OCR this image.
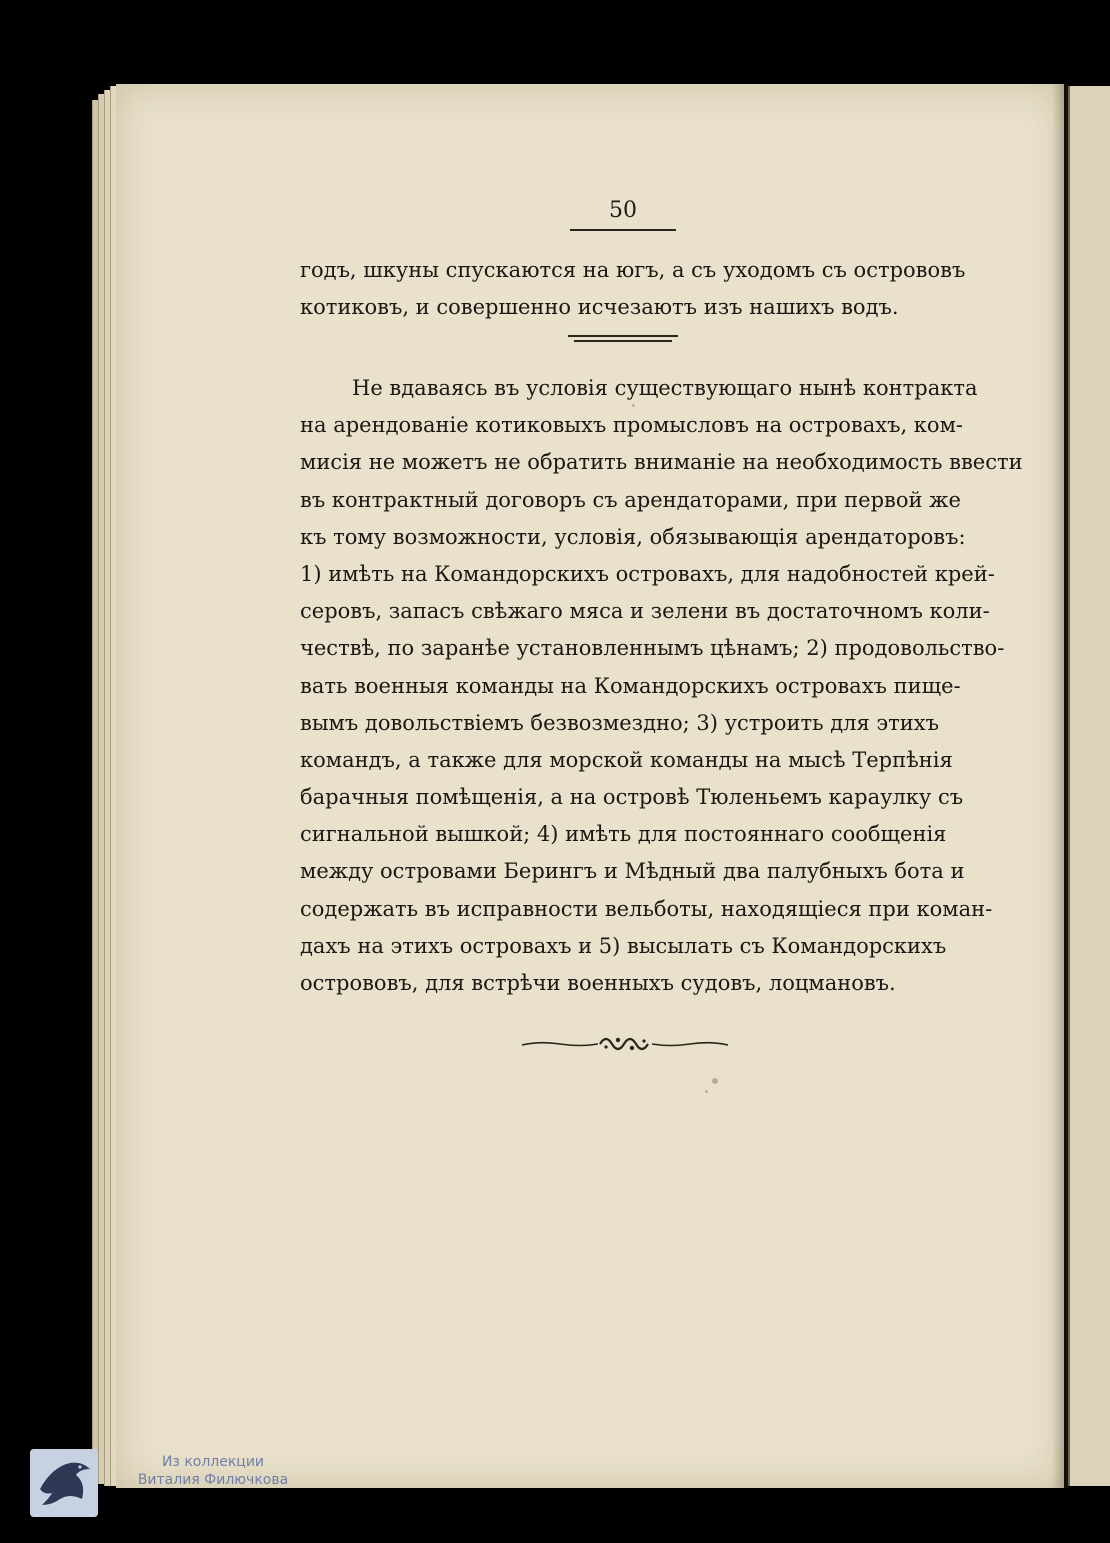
50
годъ, шкуны спускаются на югъ, а съ уходомъ съ острововъ
котиковъ, и совершенно исчезаютъ изъ нашихъ водъ.
Не вдаваясь въ условія существующаго нынѣ контракта
на арендованіе котиковыхъ промысловъ на островахъ, ком-
мисія не можетъ не обратить вниманіе на необходимость ввести
въ контрактный договоръ съ арендаторами, при первой же
къ тому возможности, условія, обязывающія арендаторовъ:
1) имѣть на Командорскихъ островахъ, для надобностей крей-
серовъ, запасъ свѣжаго мяса и зелени въ достаточномъ коли-
чествѣ, по заранѣе установленнымъ цѣнамъ; 2) продовольство-
вать военныя команды на Командорскихъ островахъ пище-
вымъ довольствіемъ безвозмездно; 3) устроить для этихъ
командъ, а также для морской команды на мысѣ Терпѣнія
барачныя помѣщенія, а на островѣ Тюленьемъ караулку съ
сигнальной вышкой; 4) имѣть для постояннаго сообщенія
между островами Берингъ и Мѣдный два палубныхъ бота и
содержать въ исправности вельботы, находящіеся при коман-
дахъ на этихъ островахъ и 5) высылать съ Командорскихъ
острововъ, для встрѣчи военныхъ судовъ, лоцмановъ.
Из коллекции
Виталия Филючкова
